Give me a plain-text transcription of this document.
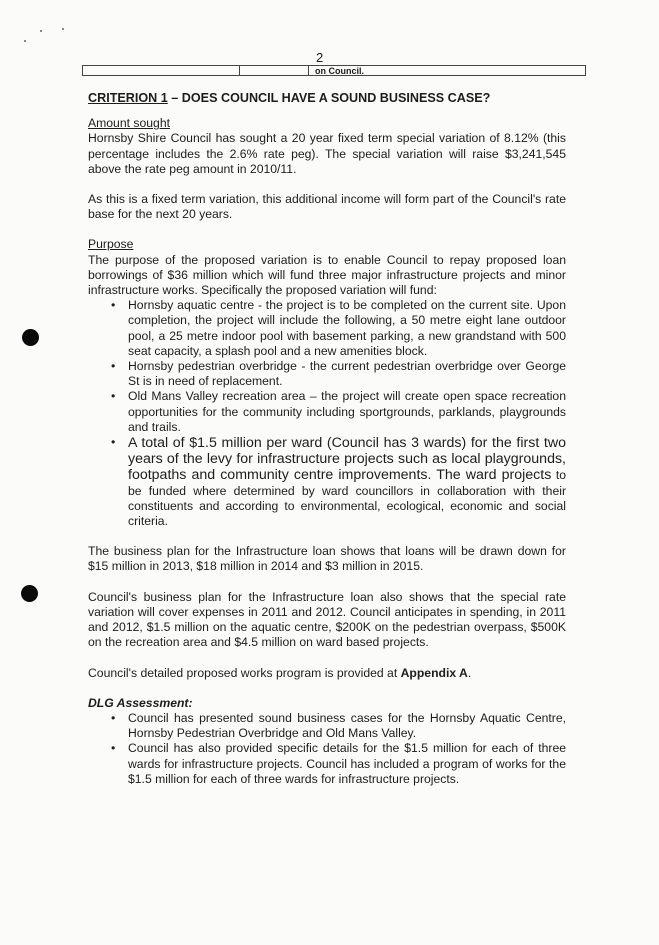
2
on Council.

CRITERION 1 – DOES COUNCIL HAVE A SOUND BUSINESS CASE?

Amount sought

Hornsby Shire Council has sought a 20 year fixed term special variation of 8.12% (this percentage includes the 2.6% rate peg). The special variation will raise $3,241,545 above the rate peg amount in 2010/11.

As this is a fixed term variation, this additional income will form part of the Council's rate base for the next 20 years.

Purpose

The purpose of the proposed variation is to enable Council to repay proposed loan borrowings of $36 million which will fund three major infrastructure projects and minor infrastructure works. Specifically the proposed variation will fund:

• Hornsby aquatic centre - the project is to be completed on the current site. Upon completion, the project will include the following, a 50 metre eight lane outdoor pool, a 25 metre indoor pool with basement parking, a new grandstand with 500 seat capacity, a splash pool and a new amenities block.
• Hornsby pedestrian overbridge - the current pedestrian overbridge over George St is in need of replacement.
• Old Mans Valley recreation area – the project will create open space recreation opportunities for the community including sportgrounds, parklands, playgrounds and trails.
• A total of $1.5 million per ward (Council has 3 wards) for the first two years of the levy for infrastructure projects such as local playgrounds, footpaths and community centre improvements. The ward projects to be funded where determined by ward councillors in collaboration with their constituents and according to environmental, ecological, economic and social criteria.

The business plan for the Infrastructure loan shows that loans will be drawn down for $15 million in 2013, $18 million in 2014 and $3 million in 2015.

Council's business plan for the Infrastructure loan also shows that the special rate variation will cover expenses in 2011 and 2012. Council anticipates in spending, in 2011 and 2012, $1.5 million on the aquatic centre, $200K on the pedestrian overpass, $500K on the recreation area and $4.5 million on ward based projects.

Council's detailed proposed works program is provided at Appendix A.

DLG Assessment:

• Council has presented sound business cases for the Hornsby Aquatic Centre, Hornsby Pedestrian Overbridge and Old Mans Valley.
• Council has also provided specific details for the $1.5 million for each of three wards for infrastructure projects. Council has included a program of works for the $1.5 million for each of three wards for infrastructure projects.
